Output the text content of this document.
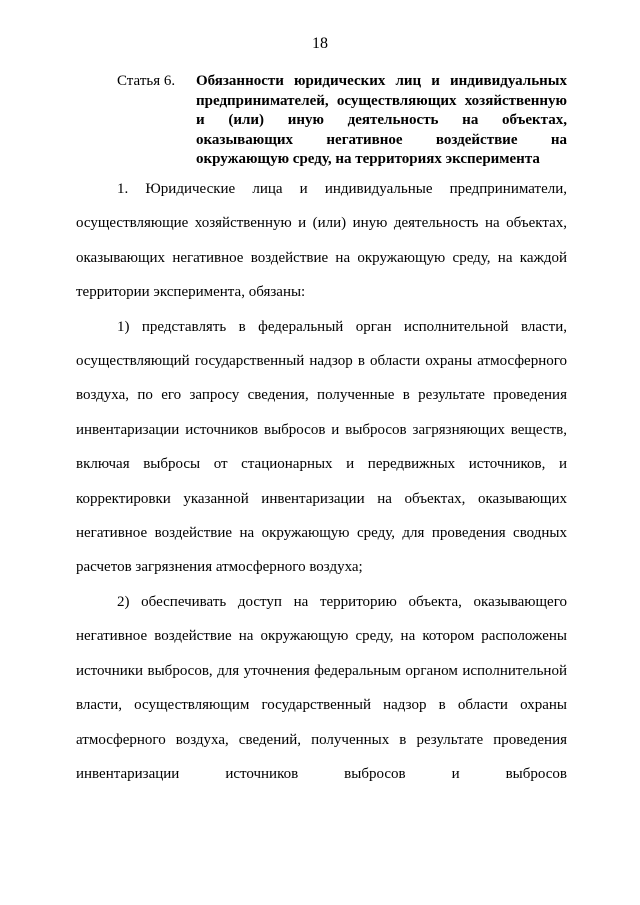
18
Статья 6. Обязанности юридических лиц и индивидуальных предпринимателей, осуществляющих хозяйственную и (или) иную деятельность на объектах, оказывающих негативное воздействие на окружающую среду, на территориях эксперимента

1. Юридические лица и индивидуальные предприниматели, осуществляющие хозяйственную и (или) иную деятельность на объектах, оказывающих негативное воздействие на окружающую среду, на каждой территории эксперимента, обязаны:

1) представлять в федеральный орган исполнительной власти, осуществляющий государственный надзор в области охраны атмосферного воздуха, по его запросу сведения, полученные в результате проведения инвентаризации источников выбросов и выбросов загрязняющих веществ, включая выбросы от стационарных и передвижных источников, и корректировки указанной инвентаризации на объектах, оказывающих негативное воздействие на окружающую среду, для проведения сводных расчетов загрязнения атмосферного воздуха;

2) обеспечивать доступ на территорию объекта, оказывающего негативное воздействие на окружающую среду, на котором расположены источники выбросов, для уточнения федеральным органом исполнительной власти, осуществляющим государственный надзор в области охраны атмосферного воздуха, сведений, полученных в результате проведения инвентаризации источников выбросов и выбросов
